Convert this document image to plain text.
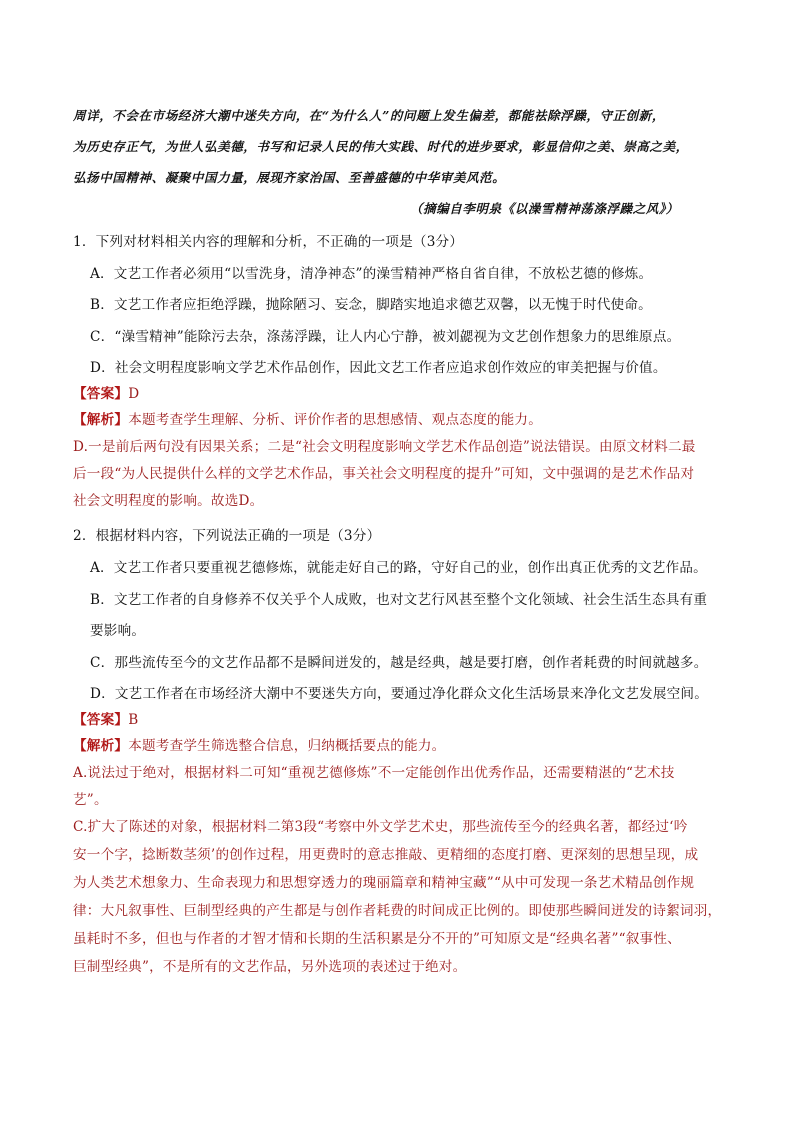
周详，不会在市场经济大潮中迷失方向，在“为什么人”的问题上发生偏差，都能祛除浮躁，守正创新，
为历史存正气，为世人弘美德，书写和记录人民的伟大实践、时代的进步要求，彰显信仰之美、崇高之美，
弘扬中国精神、凝聚中国力量，展现齐家治国、至善盛德的中华审美风范。
（摘编自李明泉《以澡雪精神荡涤浮躁之风》）
1．下列对材料相关内容的理解和分析，不正确的一项是（3分）
A．文艺工作者必须用“以雪洗身，清净神态”的澡雪精神严格自省自律，不放松艺德的修炼。
B．文艺工作者应拒绝浮躁，抛除陋习、妄念，脚踏实地追求德艺双馨，以无愧于时代使命。
C．“澡雪精神”能除污去杂，涤荡浮躁，让人内心宁静，被刘勰视为文艺创作想象力的思维原点。
D．社会文明程度影响文学艺术作品创作，因此文艺工作者应追求创作效应的审美把握与价值。
【答案】D
【解析】本题考查学生理解、分析、评价作者的思想感情、观点态度的能力。
D.一是前后两句没有因果关系；二是“社会文明程度影响文学艺术作品创造”说法错误。由原文材料二最
后一段“为人民提供什么样的文学艺术作品，事关社会文明程度的提升”可知，文中强调的是艺术作品对
社会文明程度的影响。故选D。
2．根据材料内容，下列说法正确的一项是（3分）
A．文艺工作者只要重视艺德修炼，就能走好自己的路，守好自己的业，创作出真正优秀的文艺作品。
B．文艺工作者的自身修养不仅关乎个人成败，也对文艺行风甚至整个文化领域、社会生活生态具有重
要影响。
C．那些流传至今的文艺作品都不是瞬间迸发的，越是经典，越是要打磨，创作者耗费的时间就越多。
D．文艺工作者在市场经济大潮中不要迷失方向，要通过净化群众文化生活场景来净化文艺发展空间。
【答案】B
【解析】本题考查学生筛选整合信息，归纳概括要点的能力。
A.说法过于绝对，根据材料二可知“重视艺德修炼”不一定能创作出优秀作品，还需要精湛的“艺术技
艺”。
C.扩大了陈述的对象，根据材料二第3段“考察中外文学艺术史，那些流传至今的经典名著，都经过‘吟
安一个字，捻断数茎须’的创作过程，用更费时的意志推敲、更精细的态度打磨、更深刻的思想呈现，成
为人类艺术想象力、生命表现力和思想穿透力的瑰丽篇章和精神宝藏”“从中可发现一条艺术精品创作规
律：大凡叙事性、巨制型经典的产生都是与创作者耗费的时间成正比例的。即使那些瞬间迸发的诗絮词羽，
虽耗时不多，但也与作者的才智才情和长期的生活积累是分不开的”可知原文是“经典名著”“叙事性、
巨制型经典”，不是所有的文艺作品，另外选项的表述过于绝对。
